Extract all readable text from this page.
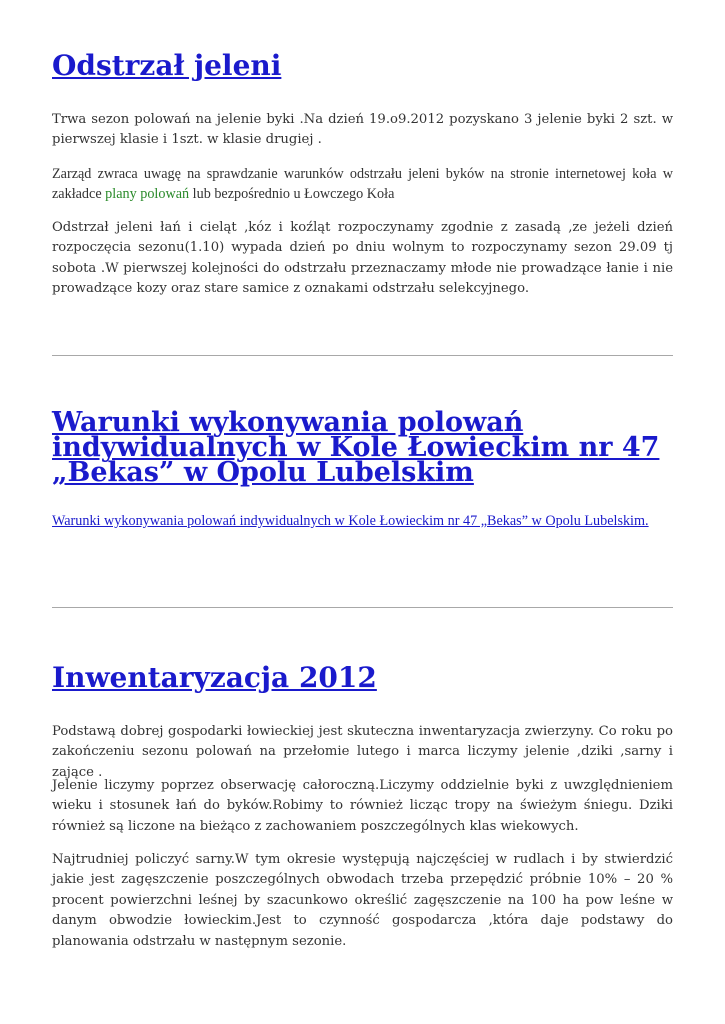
Odstrzał jeleni

Trwa sezon polowań na jelenie byki .Na dzień 19.o9.2012 pozyskano 3 jelenie byki 2 szt. w pierwszej klasie i 1szt. w klasie drugiej .

Zarząd zwraca uwagę na sprawdzanie warunków odstrzału jeleni byków na stronie internetowej koła w zakładce plany polowań lub bezpośrednio u Łowczego Koła

Odstrzał jeleni łań i cieląt ,kóz i koźląt rozpoczynamy zgodnie z zasadą ,ze jeżeli dzień rozpoczęcia sezonu(1.10) wypada dzień po dniu wolnym to rozpoczynamy sezon 29.09 tj sobota .W pierwszej kolejności do odstrzału przeznaczamy młode nie prowadzące łanie i nie prowadzące kozy oraz stare samice z oznakami odstrzału selekcyjnego.

Warunki wykonywania polowań indywidualnych w Kole Łowieckim nr 47 „Bekas” w Opolu Lubelskim

Warunki wykonywania polowań indywidualnych w Kole Łowieckim nr 47 „Bekas” w Opolu Lubelskim.

Inwentaryzacja 2012

Podstawą dobrej gospodarki łowieckiej jest skuteczna inwentaryzacja zwierzyny. Co roku po zakończeniu sezonu polowań na przełomie lutego i marca liczymy jelenie ,dziki ,sarny i zające .

Jelenie liczymy poprzez obserwację całoroczną.Liczymy oddzielnie byki z uwzględnieniem wieku i stosunek łań do byków.Robimy to również licząc tropy na świeżym śniegu. Dziki również są liczone na bieżąco z zachowaniem poszczególnych klas wiekowych.

Najtrudniej policzyć sarny.W tym okresie występują najczęściej w rudlach i by stwierdzić jakie jest zagęszczenie poszczególnych obwodach trzeba przepędzić próbnie 10% – 20 % procent powierzchni leśnej by szacunkowo określić zagęszczenie na 100 ha pow leśne w danym obwodzie łowieckim.Jest to czynność gospodarcza ,która daje podstawy do planowania odstrzału w następnym sezonie.
